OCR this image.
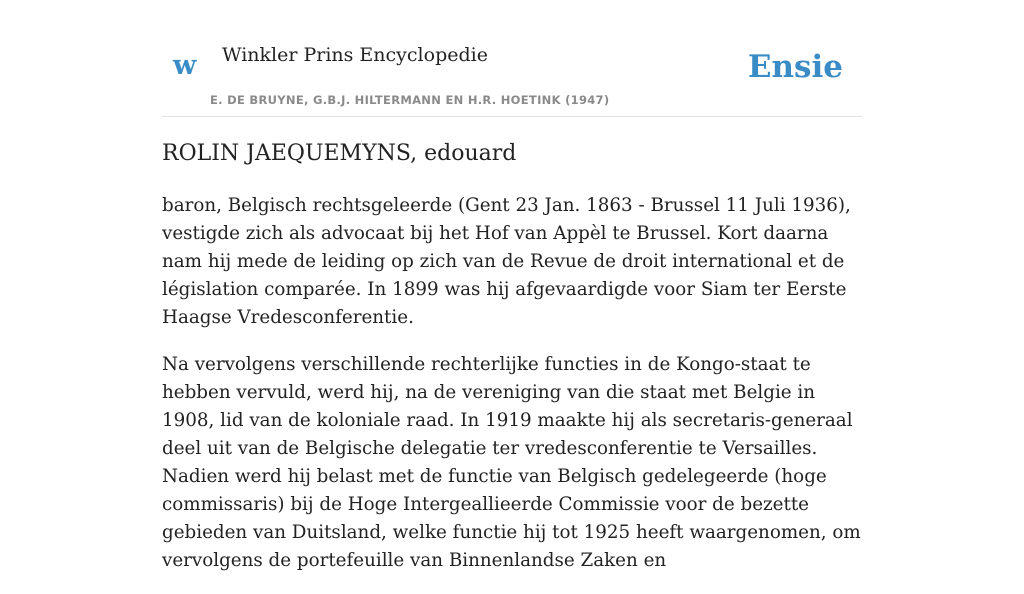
w Winkler Prins Encyclopedie
E. DE BRUYNE, G.B.J. HILTERMANN EN H.R. HOETINK (1947)
Ensie
ROLIN JAEQUEMYNS, edouard

baron, Belgisch rechtsgeleerde (Gent 23 Jan. 1863 - Brussel 11 Juli 1936), vestigde zich als advocaat bij het Hof van Appèl te Brussel. Kort daarna nam hij mede de leiding op zich van de Revue de droit international et de législation comparée. In 1899 was hij afgevaardigde voor Siam ter Eerste Haagse Vredesconferentie.

Na vervolgens verschillende rechterlijke functies in de Kongo-staat te hebben vervuld, werd hij, na de vereniging van die staat met Belgie in 1908, lid van de koloniale raad. In 1919 maakte hij als secretaris-generaal deel uit van de Belgische delegatie ter vredesconferentie te Versailles. Nadien werd hij belast met de functie van Belgisch gedelegeerde (hoge commissaris) bij de Hoge Intergeallieerde Commissie voor de bezette gebieden van Duitsland, welke functie hij tot 1925 heeft waargenomen, om vervolgens de portefeuille van Binnenlandse Zaken en
